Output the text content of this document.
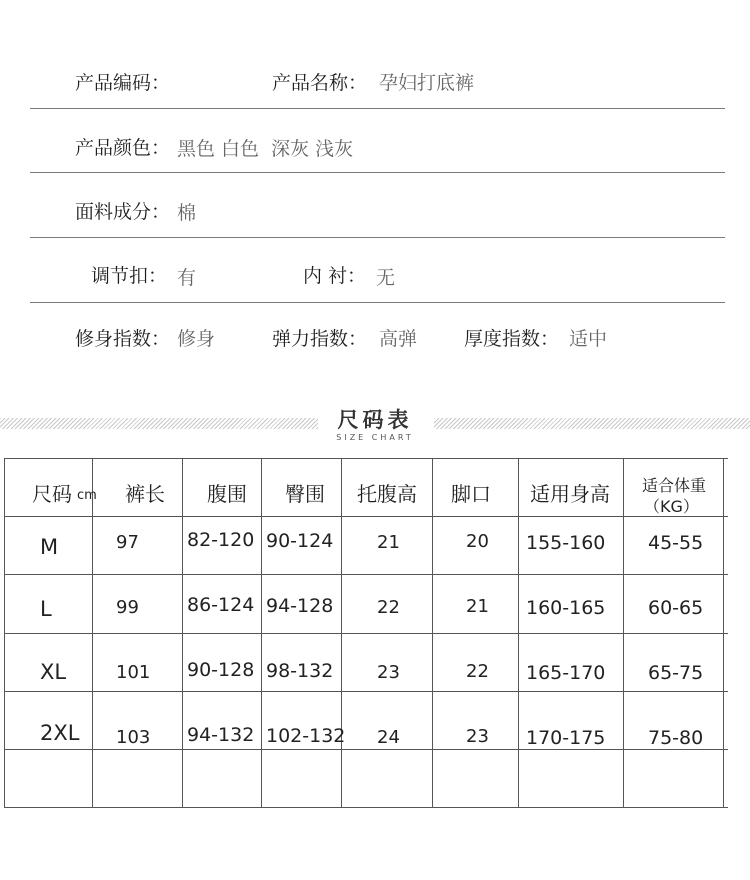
产品编码：	产品名称： 孕妇打底裤
产品颜色： 黑色 白色  深灰 浅灰
面料成分： 棉
调节扣： 有	内 衬： 无
修身指数： 修身	弹力指数： 高弹 厚度指数： 适中
尺码表
SIZE CHART
尺码 cm 裤长 腹围 臀围 托腹高 脚口 适用身高 适合体重
（KG）
M	97	82-120 90-124 21	20 155-160 45-55
L	99	86-124 94-128 22	21 160-165 60-65
XL	101 90-128 98-132 23	22 165-170 65-75
2XL 103 94-132 102-132 24	23 170-175 75-80
